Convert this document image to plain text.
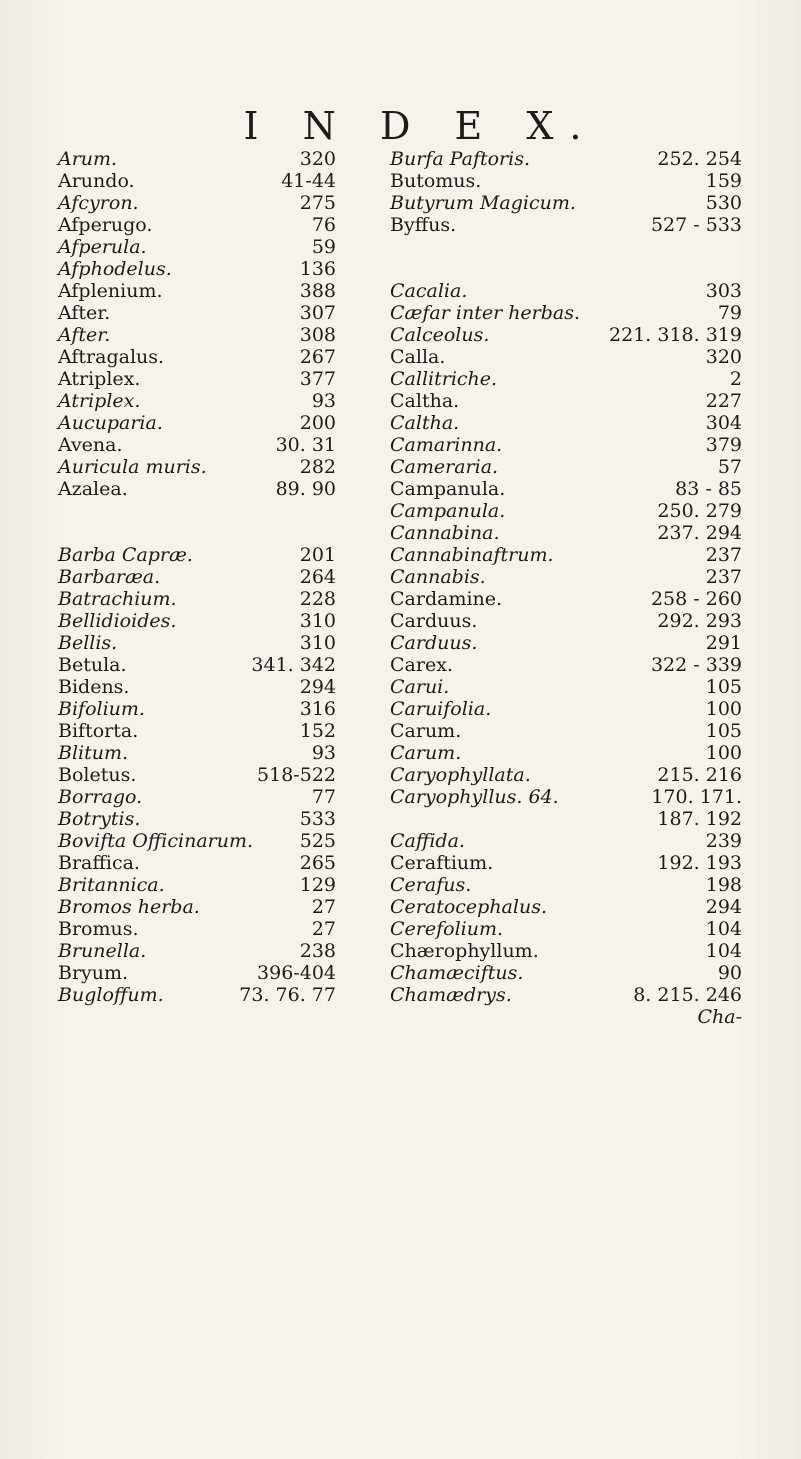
I N D E X.
Arum.	320
Arundo.	41-44
Afcyron.	275
Afperugo.	76
Afperula.	59
Afphodelus.	136
Afplenium.	388
After.	307
After.	308
Aftragalus.	267
Atriplex.	377
Atriplex.	93
Aucuparia.	200
Avena.	30. 31
Auricula muris.	282
Azalea.	89. 90
Barba Capræ.	201
Barbaræa.	264
Batrachium.	228
Bellidioides.	310
Bellis.	310
Betula.	341. 342
Bidens.	294
Bifolium.	316
Biftorta.	152
Blitum.	93
Boletus.	518-522
Borrago.	77
Botrytis.	533
Bovifta Officinarum. 525
Braffica.	265
Britannica.	129
Bromos herba.	27
Bromus.	27
Brunella.	238
Bryum.	396-404
Bugloffum.	73. 76. 77
Burfa Paftoris.	252. 254
Butomus.	159
Butyrum Magicum.	530
Byffus.	527 - 533
Cacalia.	303
Cæfar inter herbas.	79
Calceolus.	221. 318. 319
Calla.	320
Callitriche.	2
Caltha.	227
Caltha.	304
Camarinna.	379
Cameraria.	57
Campanula.	83 - 85
Campanula.	250. 279
Cannabina.	237. 294
Cannabinaftrum.	237
Cannabis.	237
Cardamine.	258 - 260
Carduus.	292. 293
Carduus.	291
Carex.	322 - 339
Carui.	105
Caruifolia.	100
Carum.	105
Carum.	100
Caryophyllata.	215. 216
Caryophyllus. 64.	170. 171.
187. 192
Caffida.	239
Ceraftium.	192. 193
Cerafus.	198
Ceratocephalus.	294
Cerefolium.	104
Chærophyllum.	104
Chamæciftus.	90
Chamædrys.	8. 215. 246
Cha-
